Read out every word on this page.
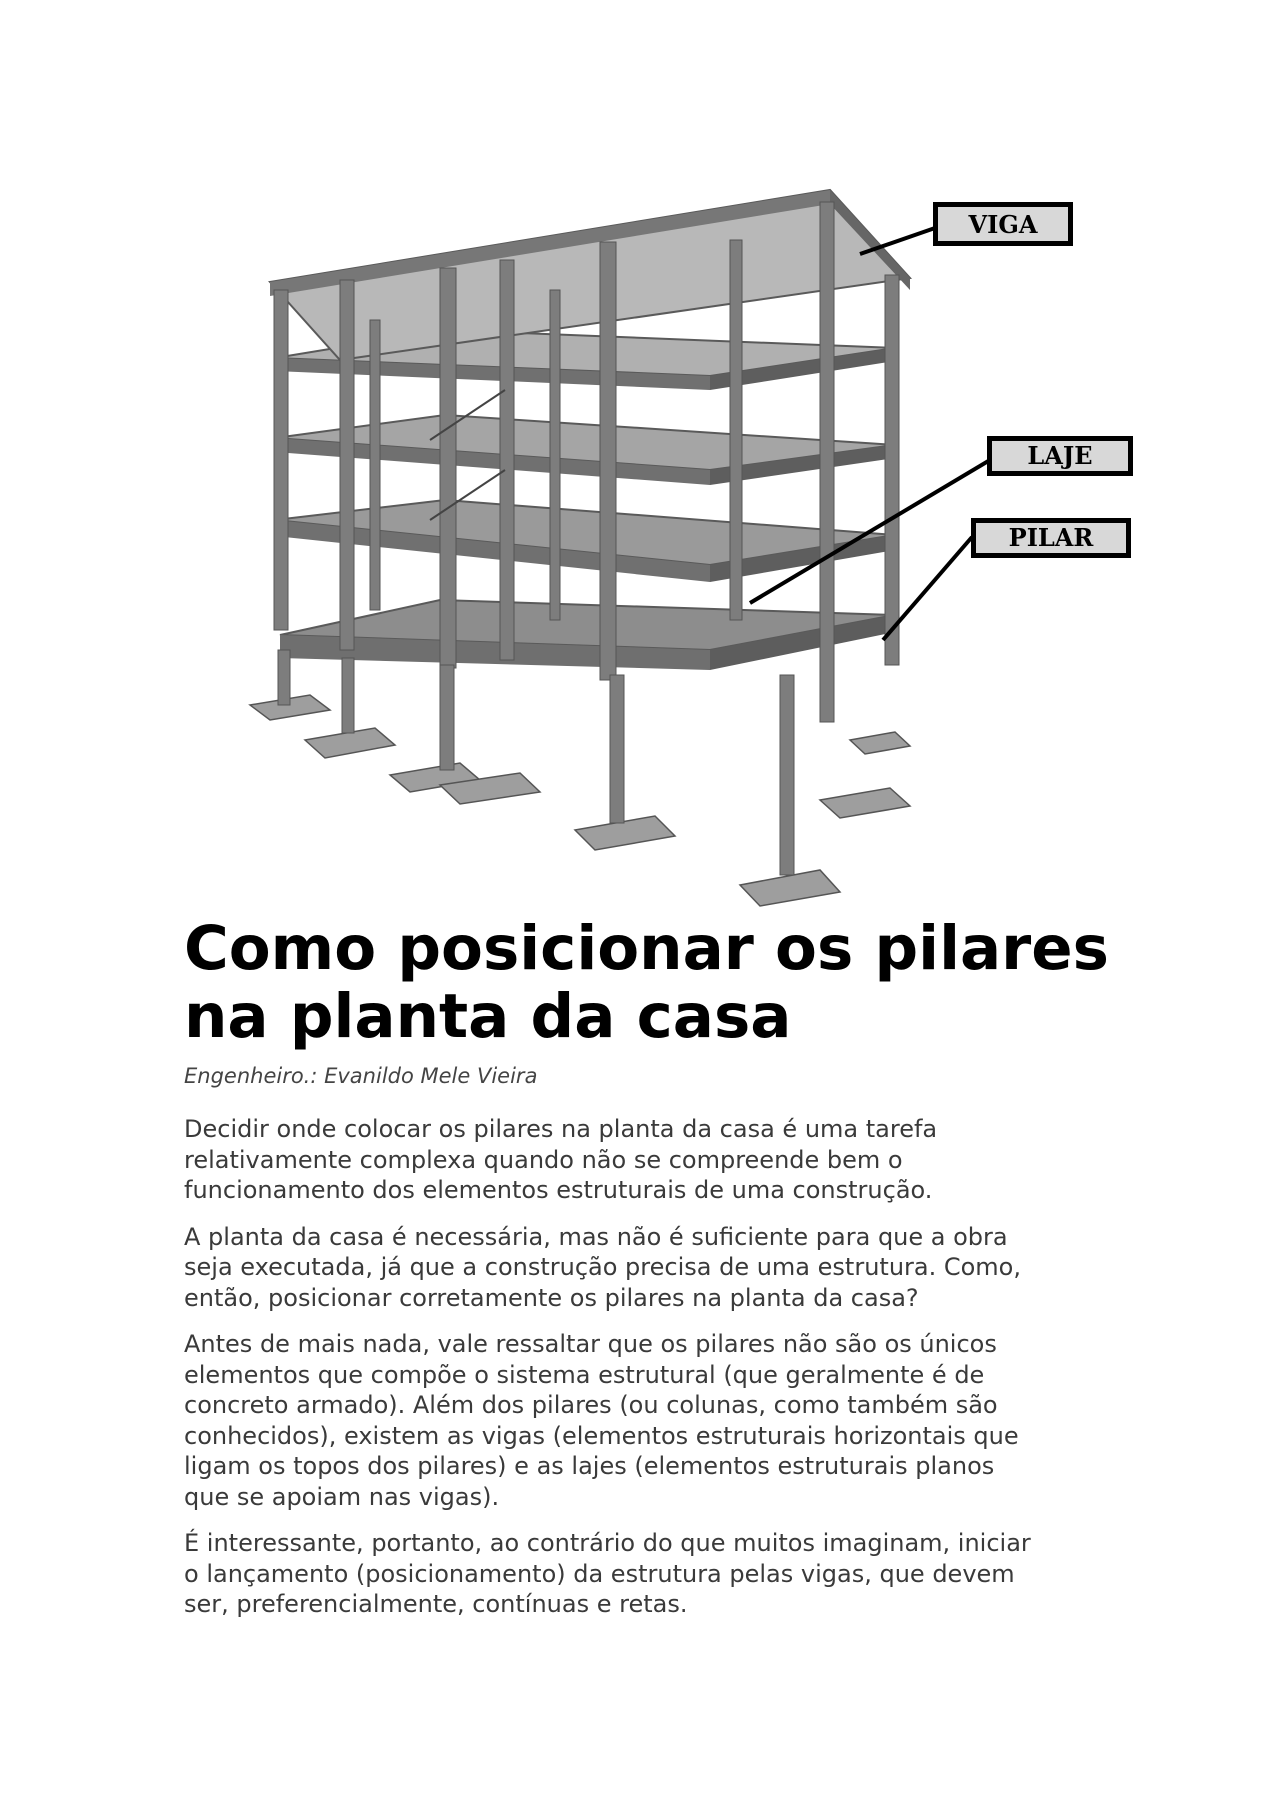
VIGA
LAJE
PILAR
Como posicionar os pilares
na planta da casa

Engenheiro.: Evanildo Mele Vieira

Decidir onde colocar os pilares na planta da casa é uma tarefa
relativamente complexa quando não se compreende bem o
funcionamento dos elementos estruturais de uma construção.

A planta da casa é necessária, mas não é suficiente para que a obra
seja executada, já que a construção precisa de uma estrutura. Como,
então, posicionar corretamente os pilares na planta da casa?

Antes de mais nada, vale ressaltar que os pilares não são os únicos
elementos que compõe o sistema estrutural (que geralmente é de
concreto armado). Além dos pilares (ou colunas, como também são
conhecidos), existem as vigas (elementos estruturais horizontais que
ligam os topos dos pilares) e as lajes (elementos estruturais planos
que se apoiam nas vigas).

É interessante, portanto, ao contrário do que muitos imaginam, iniciar
o lançamento (posicionamento) da estrutura pelas vigas, que devem
ser, preferencialmente, contínuas e retas.
